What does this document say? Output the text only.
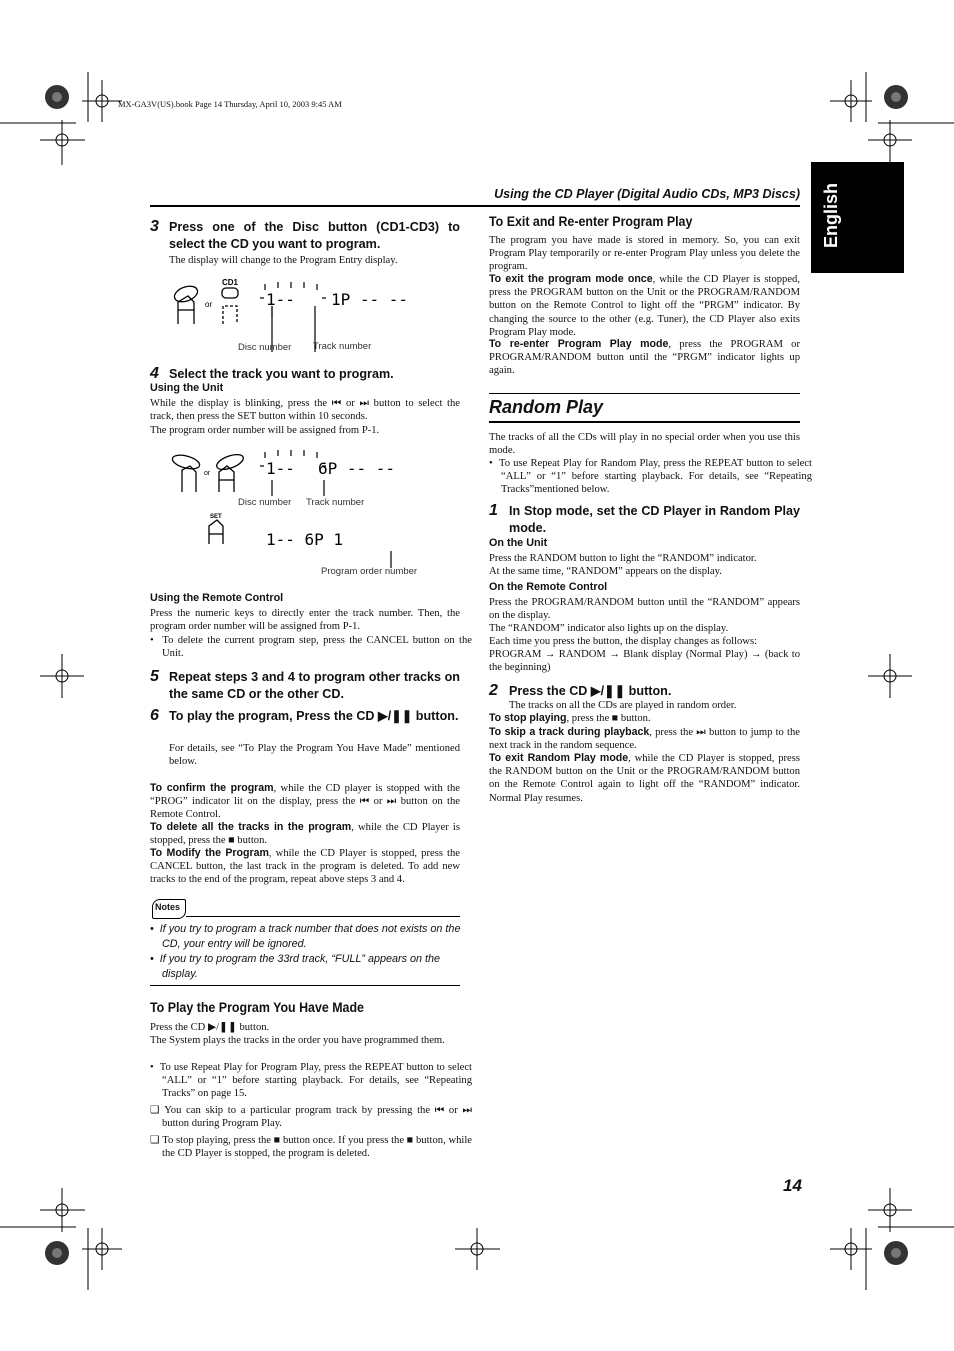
MX-GA3V(US).book Page 14 Thursday, April 10, 2003 9:45 AM
English
Using the CD Player (Digital Audio CDs, MP3 Discs)
3 Press one of the Disc button (CD1-CD3) to select the CD you want to program.
The display will change to the Program Entry display.
CD1
or	1-- 1P -- --
Disc number Track number
4 Select the track you want to program.
Using the Unit
While the display is blinking, press the ⏮ or ⏭ button to select the track, then press the SET button within 10 seconds.
The program order number will be assigned from P-1.
or
SET
1-- 6P -- --
1-- 6P 1
Disc number Track number
Program order number
Using the Remote Control
Press the numeric keys to directly enter the track number. Then, the program order number will be assigned from P-1.
•  To delete the current program step, press the CANCEL button on the Unit.
5 Repeat steps 3 and 4 to program other tracks on the same CD or the other CD.
6 To play the program, Press the CD ▶/❚❚ button.
For details, see “To Play the Program You Have Made” mentioned below.
To confirm the program, while the CD player is stopped with the “PROG” indicator lit on the display, press the ⏮ or ⏭ button on the Remote Control.
To delete all the tracks in the program, while the CD Player is stopped, press the ■ button.
To Modify the Program, while the CD Player is stopped, press the CANCEL button, the last track in the program is deleted. To add new tracks to the end of the program, repeat above steps 3 and 4.
Notes
•  If you try to program a track number that does not exists on the CD, your entry will be ignored.
•  If you try to program the 33rd track, “FULL” appears on the display.
To Play the Program You Have Made
Press the CD ▶/❚❚ button.
The System plays the tracks in the order you have programmed them.
•  To use Repeat Play for Program Play, press the REPEAT button to select “ALL” or “1” before starting playback. For details, see “Repeating Tracks” on page 15.
❑ You can skip to a particular program track by pressing the ⏮ or ⏭ button during Program Play.
❑ To stop playing, press the ■ button once. If you press the ■ button, while the CD Player is stopped, the program is deleted.
To Exit and Re-enter Program Play
The program you have made is stored in memory. So, you can exit Program Play temporarily or re-enter Program Play unless you delete the program.
To exit the program mode once, while the CD Player is stopped, press the PROGRAM button on the Unit or the PROGRAM/RANDOM button on the Remote Control to light off the “PRGM” indicator. By changing the source to the other (e.g. Tuner), the CD Player also exits Program Play mode.
To re-enter Program Play mode, press the PROGRAM or PROGRAM/RANDOM button until the “PRGM” indicator lights up again.
Random Play
The tracks of all the CDs will play in no special order when you use this mode.
•  To use Repeat Play for Random Play, press the REPEAT button to select “ALL” or “1” before starting playback. For details, see “Repeating Tracks”mentioned below.
1 In Stop mode, set the CD Player in Random Play mode.
On the Unit
Press the RANDOM button to light the “RANDOM” indicator.
At the same time, “RANDOM” appears on the display.
On the Remote Control
Press the PROGRAM/RANDOM button until the “RANDOM” appears on the display.
The “RANDOM” indicator also lights up on the display.
Each time you press the button, the display changes as follows:
PROGRAM → RANDOM → Blank display (Normal Play) → (back to the beginning)
2 Press the CD ▶/❚❚ button.
The tracks on all the CDs are played in random order.
To stop playing, press the ■ button.
To skip a track during playback, press the ⏭ button to jump to the next track in the random sequence.
To exit Random Play mode, while the CD Player is stopped, press the RANDOM button on the Unit or the PROGRAM/RANDOM button on the Remote Control again to light off the “RANDOM” indicator. Normal Play resumes.
14
